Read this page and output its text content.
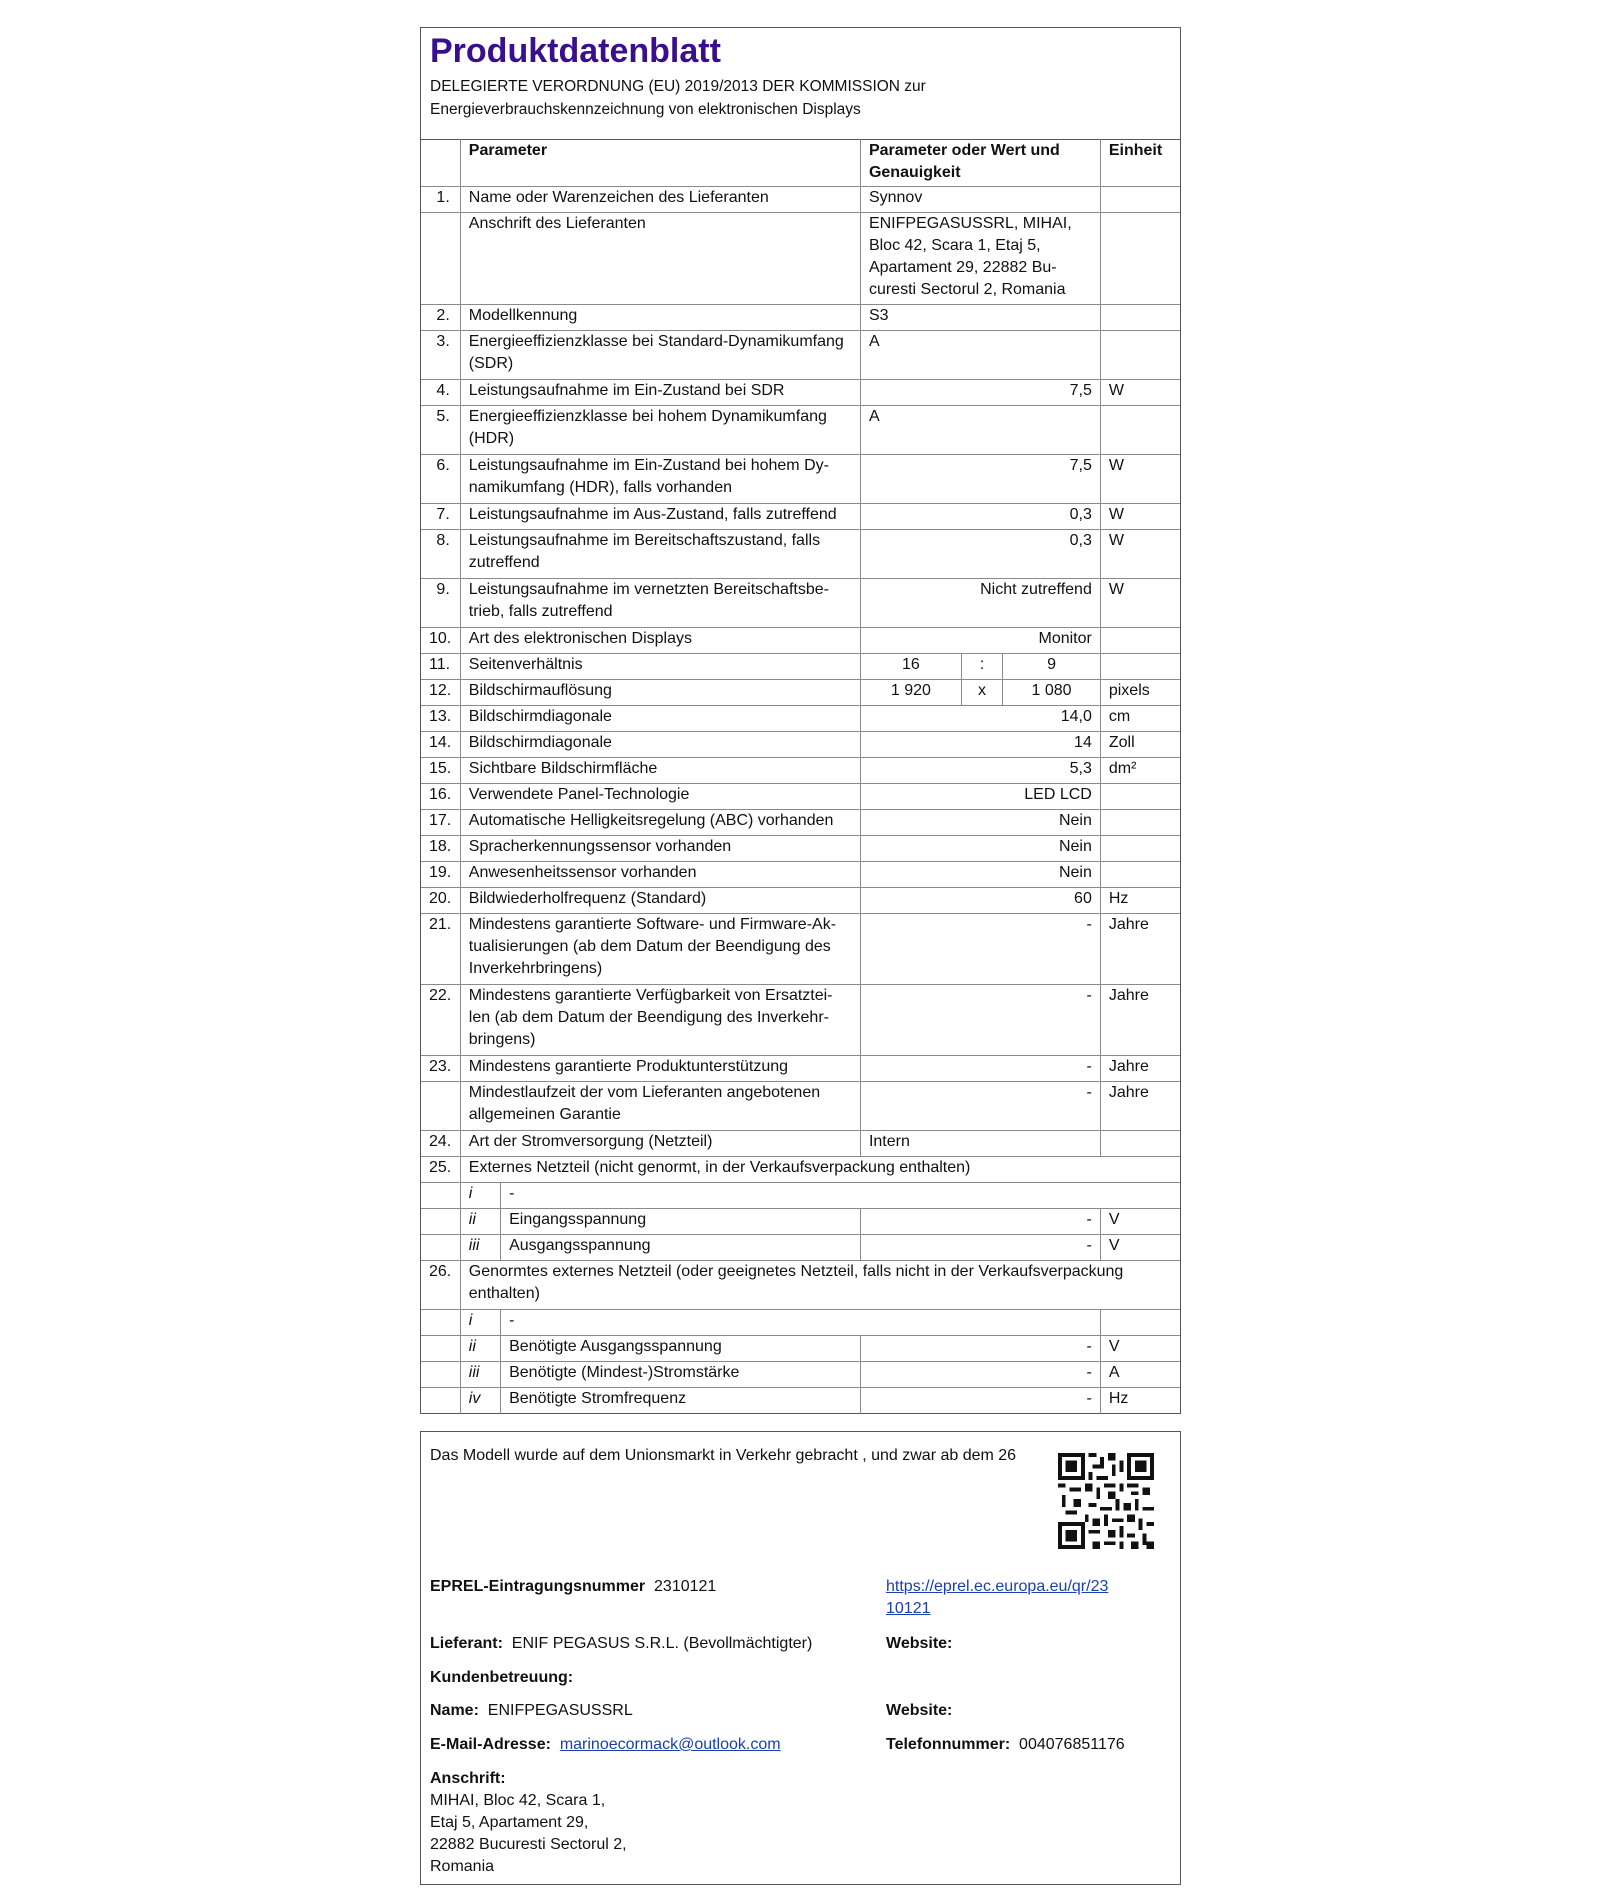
Produktdatenblatt
DELEGIERTE VERORDNUNG (EU) 2019/2013 DER KOMMISSION zur
Energieverbrauchskennzeichnung von elektronischen Displays
	Parameter		Parameter oder Wert und Genauigkeit			Einheit
1.	Name oder Warenzeichen des Lieferanten		Synnov			
	Anschrift des Lieferanten		ENIFPEGASUSSRL, MIHAI, Bloc 42, Scara 1, Etaj 5, Apartament 29, 22882 Bu-curesti Sectorul 2, Romania			
2.	Modellkennung		S3			
3.	Energieeffizienzklasse bei Standard-Dynamikumfang (SDR)		A			
4.	Leistungsaufnahme im Ein-Zustand bei SDR		7,5			W
5.	Energieeffizienzklasse bei hohem Dynamikumfang (HDR)		A			
6.	Leistungsaufnahme im Ein-Zustand bei hohem Dy-namikumfang (HDR), falls vorhanden		7,5			W
7.	Leistungsaufnahme im Aus-Zustand, falls zutreffend		0,3			W
8.	Leistungsaufnahme im Bereitschaftszustand, falls zutreffend		0,3			W
9.	Leistungsaufnahme im vernetzten Bereitschaftsbe-trieb, falls zutreffend		Nicht zutreffend			W
10.	Art des elektronischen Displays		Monitor			
11.	Seitenverhältnis		16	:	9	
12.	Bildschirmauflösung		1 920	x	1 080	pixels
13.	Bildschirmdiagonale		14,0			cm
14.	Bildschirmdiagonale		14			Zoll
15.	Sichtbare Bildschirmfläche		5,3			dm²
16.	Verwendete Panel-Technologie		LED LCD			
17.	Automatische Helligkeitsregelung (ABC) vorhanden		Nein			
18.	Spracherkennungssensor vorhanden		Nein			
19.	Anwesenheitssensor vorhanden		Nein			
20.	Bildwiederholfrequenz (Standard)		60			Hz
21.	Mindestens garantierte Software- und Firmware-Ak-tualisierungen (ab dem Datum der Beendigung des Inverkehrbringens)		-			Jahre
22.	Mindestens garantierte Verfügbarkeit von Ersatztei-len (ab dem Datum der Beendigung des Inverkehr-bringens)		-			Jahre
23.	Mindestens garantierte Produktunterstützung		-			Jahre
	Mindestlaufzeit der vom Lieferanten angebotenen allgemeinen Garantie		-			Jahre
24.	Art der Stromversorgung (Netzteil)		Intern			
25.	Externes Netzteil (nicht genormt, in der Verkaufsverpackung enthalten)					
	i	-				
	ii	Eingangsspannung	-			V
	iii	Ausgangsspannung	-			V
26.	Genormtes externes Netzteil (oder geeignetes Netzteil, falls nicht in der Verkaufsverpackung enthalten)					
	i	-				
	ii	Benötigte Ausgangsspannung	-			V
	iii	Benötigte (Mindest-)Stromstärke	-			A
	iv	Benötigte Stromfrequenz	-			Hz
Das Modell wurde auf dem Unionsmarkt in Verkehr gebracht , und zwar ab dem 26
EPREL-Eintragungsnummer 2310121	https://eprel.ec.europa.eu/qr/23
10121
Lieferant: ENIF PEGASUS S.R.L. (Bevollmächtigter)	Website:
Kundenbetreuung:
Name: ENIFPEGASUSSRL	Website:
E-Mail-Adresse: marinoecormack@outlook.com	Telefonnummer: 004076851176
Anschrift:
MIHAI, Bloc 42, Scara 1,
Etaj 5, Apartament 29,
22882 Bucuresti Sectorul 2,
Romania
